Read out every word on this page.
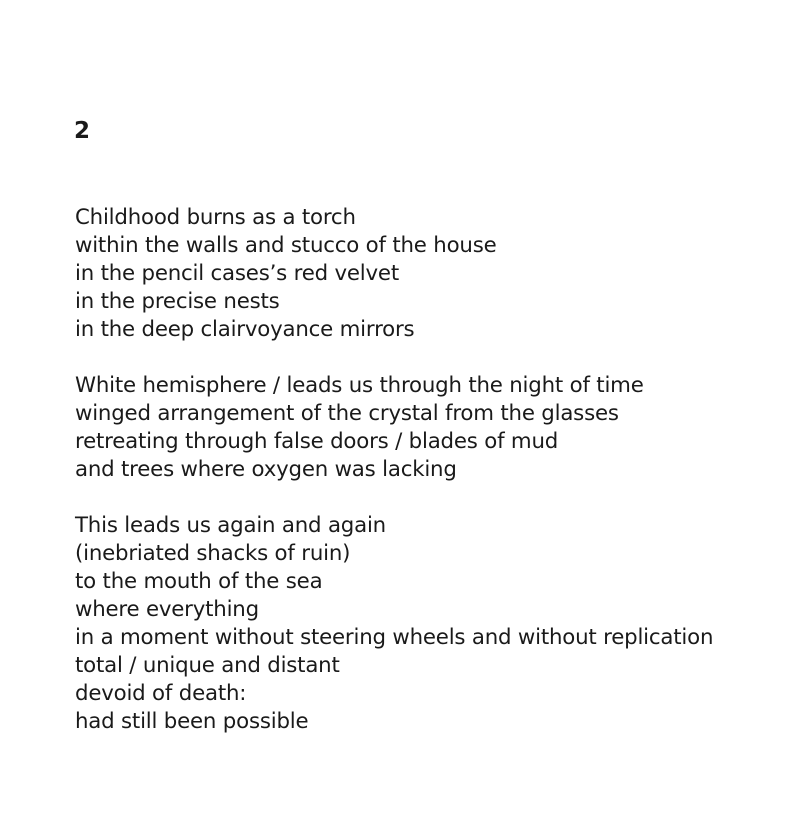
2
Childhood burns as a torch
within the walls and stucco of the house
in the pencil cases’s red velvet
in the precise nests
in the deep clairvoyance mirrors
White hemisphere / leads us through the night of time
winged arrangement of the crystal from the glasses
retreating through false doors / blades of mud
and trees where oxygen was lacking
This leads us again and again
(inebriated shacks of ruin)
to the mouth of the sea
where everything
in a moment without steering wheels and without replication
total / unique and distant
devoid of death:
had still been possible
